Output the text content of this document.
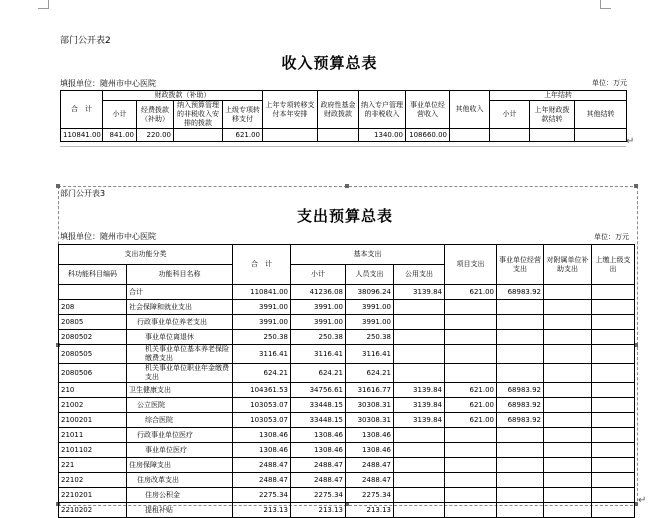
部门公开表2
收入预算总表
填报单位：随州市中心医院	单位：万元
合　计	财政拨款（补助）				上年专项转移支付本年安排	政府性基金财政拨款	纳入专户管理的非税收入	事业单位经营收入	其他收入	上年结转		
	小计	经费拨款（补助）	纳入预算管理的非税收入安排的拨款	上级专项转移支付						小计	上年财政拨款结转	其他结转
110841.00	841.00	220.00		621.00			1340.00	108660.00				
↵
部门公开表3
支出预算总表
填报单位：随州市中心医院	单位：万元
支出功能分类		合　计	基本支出			项目支出	事业单位经营支出	对附属单位补助支出	上缴上级支出
科功能科目编码	功能科目名称		小计	人员支出	公用支出				
	合计	110841.00	41236.08	38096.24	3139.84	621.00	68983.92		
208	社会保障和就业支出	3991.00	3991.00	3991.00					
20805	行政事业单位养老支出	3991.00	3991.00	3991.00					
2080502	事业单位离退休	250.38	250.38	250.38					
2080505	机关事业单位基本养老保险缴费支出	3116.41	3116.41	3116.41					
2080506	机关事业单位职业年金缴费支出	624.21	624.21	624.21					
210	卫生健康支出	104361.53	34756.61	31616.77	3139.84	621.00	68983.92		
21002	公立医院	103053.07	33448.15	30308.31	3139.84	621.00	68983.92		
2100201	综合医院	103053.07	33448.15	30308.31	3139.84	621.00	68983.92		
21011	行政事业单位医疗	1308.46	1308.46	1308.46					
2101102	事业单位医疗	1308.46	1308.46	1308.46					
221	住房保障支出	2488.47	2488.47	2488.47					
22102	住房改革支出	2488.47	2488.47	2488.47					
2210201	住房公积金	2275.34	2275.34	2275.34					
2210202	提租补贴	213.13	213.13	213.13					
↵
